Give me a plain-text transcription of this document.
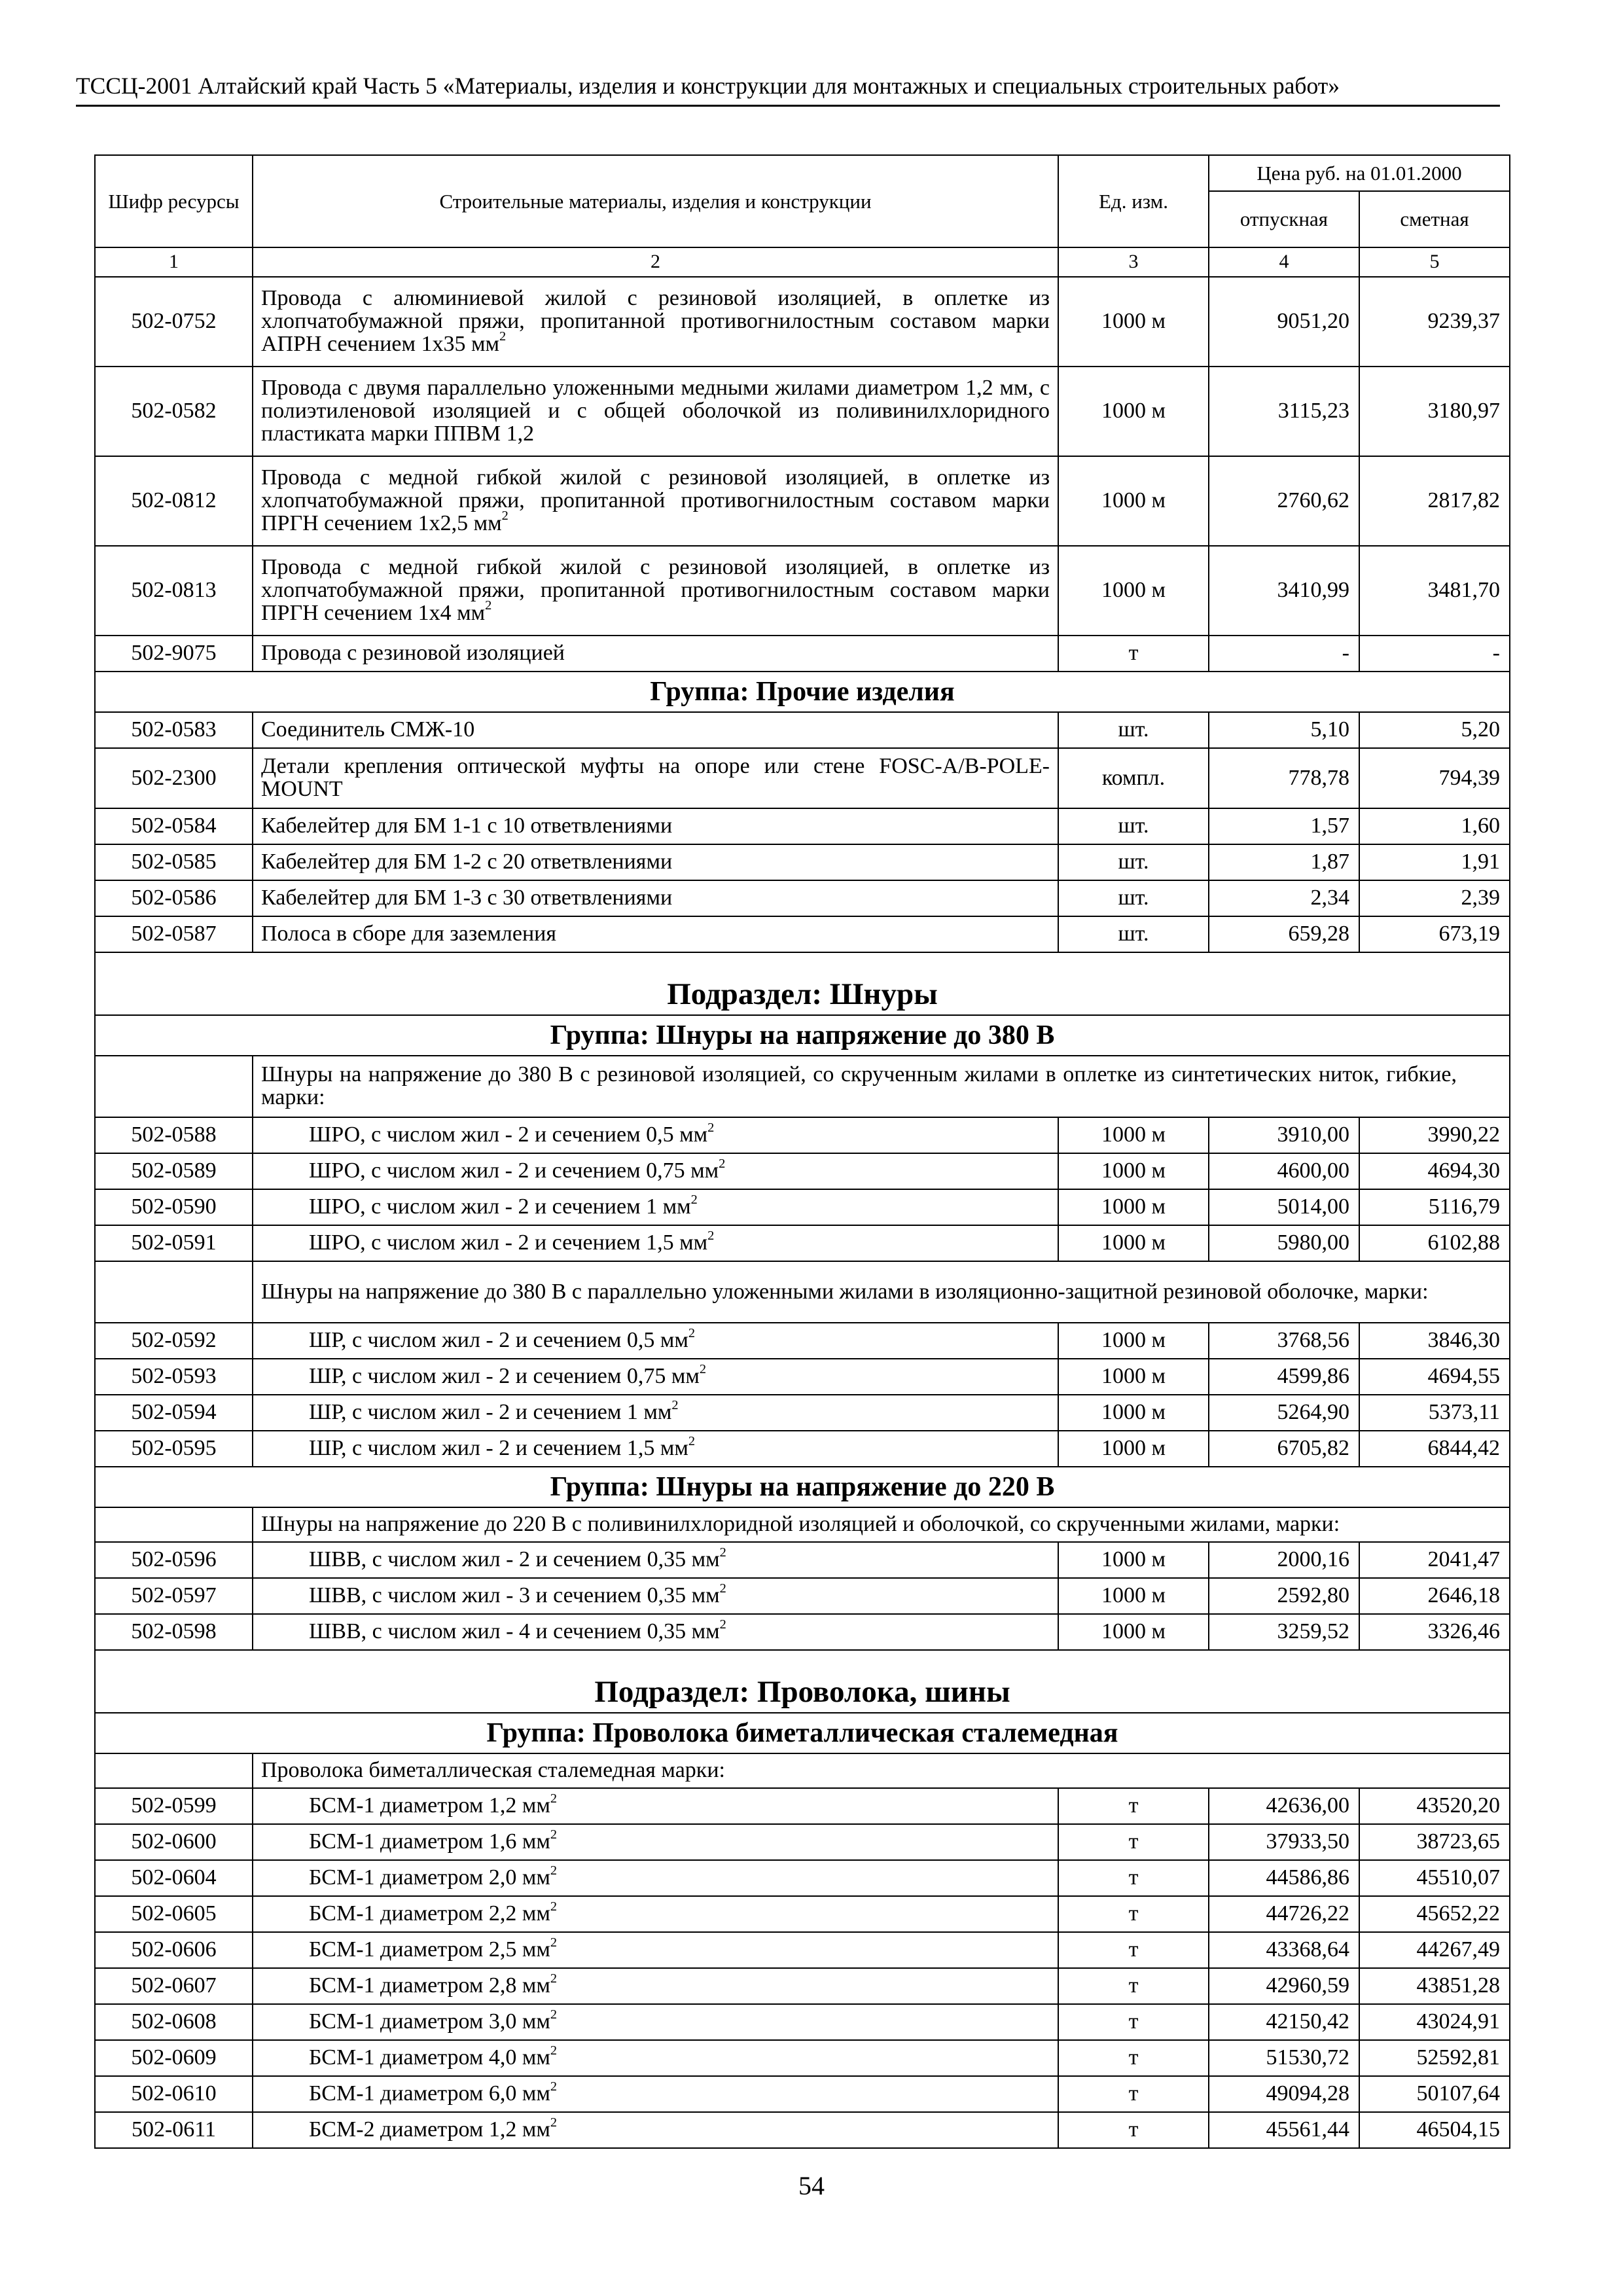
ТССЦ-2001 Алтайский край Часть 5 «Материалы, изделия и конструкции для монтажных и специальных строительных работ»
Шифр ресурсы	Строительные материалы, изделия и конструкции	Ед. изм.	Цена руб. на 01.01.2000	
			отпускная	сметная
1	2	3	4	5
502-0752	Провода с алюминиевой жилой с резиновой изоляцией, в оплетке из хлопчатобумажной пряжи, пропитанной противогнилостным составом марки АПРН сечением 1х35 $мм^2$	1000 м	9051,20	9239,37
502-0582	Провода с двумя параллельно уложенными медными жилами диаметром 1,2 мм, с полиэтиленовой изоляцией и с общей оболочкой из поливинилхлоридного пластиката марки ППВМ 1,2	1000 м	3115,23	3180,97
502-0812	Провода с медной гибкой жилой с резиновой изоляцией, в оплетке из хлопчатобумажной пряжи, пропитанной противогнилостным составом марки ПРГН сечением 1х2,5 $мм^2$	1000 м	2760,62	2817,82
502-0813	Провода с медной гибкой жилой с резиновой изоляцией, в оплетке из хлопчатобумажной пряжи, пропитанной противогнилостным составом марки ПРГН сечением 1х4 $мм^2$	1000 м	3410,99	3481,70
502-9075	Провода с резиновой изоляцией	т	-	-
Группа: Прочие изделия				
502-0583	Соединитель СМЖ-10	шт.	5,10	5,20
502-2300	Детали крепления оптической муфты на опоре или стене FOSC-A/B-POLE-MOUNT	компл.	778,78	794,39
502-0584	Кабелейтер для БМ 1-1 с 10 ответвлениями	шт.	1,57	1,60
502-0585	Кабелейтер для БМ 1-2 с 20 ответвлениями	шт.	1,87	1,91
502-0586	Кабелейтер для БМ 1-3 с 30 ответвлениями	шт.	2,34	2,39
502-0587	Полоса в сборе для заземления	шт.	659,28	673,19
Подраздел: Шнуры				
Группа: Шнуры на напряжение до 380 В				
	Шнуры на напряжение до 380 В с резиновой изоляцией, со скрученным жилами в оплетке из синтетических ниток, гибкие, марки:			
502-0588	ШРО, с числом жил - 2 и сечением 0,5 $мм^2$	1000 м	3910,00	3990,22
502-0589	ШРО, с числом жил - 2 и сечением 0,75 $мм^2$	1000 м	4600,00	4694,30
502-0590	ШРО, с числом жил - 2 и сечением 1 $мм^2$	1000 м	5014,00	5116,79
502-0591	ШРО, с числом жил - 2 и сечением 1,5 $мм^2$	1000 м	5980,00	6102,88
	Шнуры на напряжение до 380 В с параллельно уложенными жилами в изоляционно-защитной резиновой оболочке, марки:			
502-0592	ШР, с числом жил - 2 и сечением 0,5 $мм^2$	1000 м	3768,56	3846,30
502-0593	ШР, с числом жил - 2 и сечением 0,75 $мм^2$	1000 м	4599,86	4694,55
502-0594	ШР, с числом жил - 2 и сечением 1 $мм^2$	1000 м	5264,90	5373,11
502-0595	ШР, с числом жил - 2 и сечением 1,5 $мм^2$	1000 м	6705,82	6844,42
Группа: Шнуры на напряжение до 220 В				
	Шнуры на напряжение до 220 В с поливинилхлоридной изоляцией и оболочкой, со скрученными жилами, марки:			
502-0596	ШВВ, с числом жил - 2 и сечением 0,35 $мм^2$	1000 м	2000,16	2041,47
502-0597	ШВВ, с числом жил - 3 и сечением 0,35 $мм^2$	1000 м	2592,80	2646,18
502-0598	ШВВ, с числом жил - 4 и сечением 0,35 $мм^2$	1000 м	3259,52	3326,46
Подраздел: Проволока, шины				
Группа: Проволока биметаллическая сталемедная				
	Проволока биметаллическая сталемедная марки:			
502-0599	БСМ-1 диаметром 1,2 $мм^2$	т	42636,00	43520,20
502-0600	БСМ-1 диаметром 1,6 $мм^2$	т	37933,50	38723,65
502-0604	БСМ-1 диаметром 2,0 $мм^2$	т	44586,86	45510,07
502-0605	БСМ-1 диаметром 2,2 $мм^2$	т	44726,22	45652,22
502-0606	БСМ-1 диаметром 2,5 $мм^2$	т	43368,64	44267,49
502-0607	БСМ-1 диаметром 2,8 $мм^2$	т	42960,59	43851,28
502-0608	БСМ-1 диаметром 3,0 $мм^2$	т	42150,42	43024,91
502-0609	БСМ-1 диаметром 4,0 $мм^2$	т	51530,72	52592,81
502-0610	БСМ-1 диаметром 6,0 $мм^2$	т	49094,28	50107,64
502-0611	БСМ-2 диаметром 1,2 $мм^2$	т	45561,44	46504,15
54
